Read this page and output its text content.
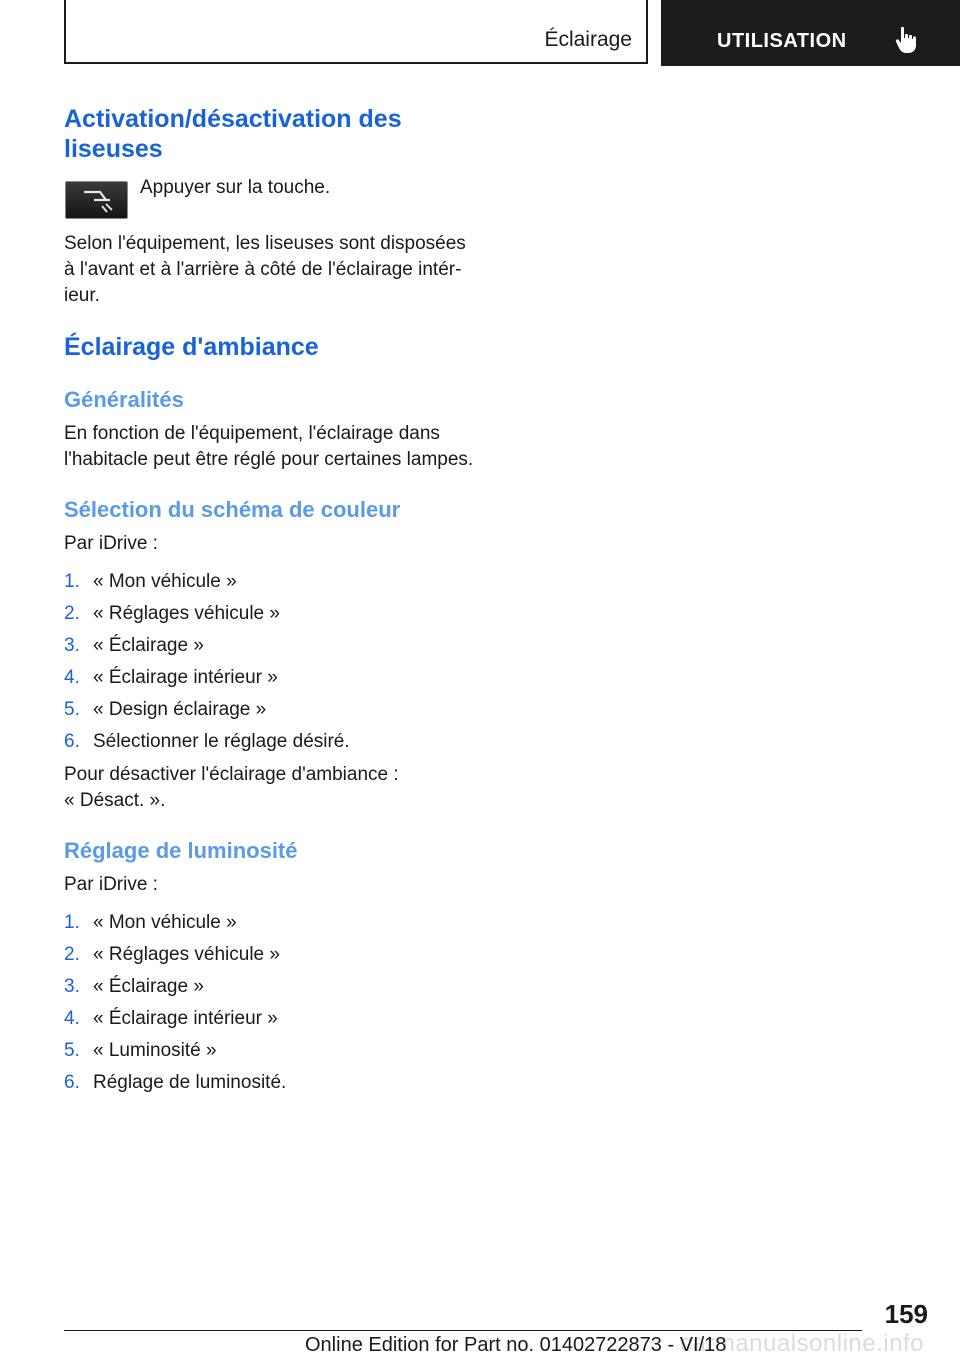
Éclairage	UTILISATION
Activation/désactivation des
liseuses
Appuyer sur la touche.

Selon l'équipement, les liseuses sont disposées

à l'avant et à l'arrière à côté de l'éclairage intér-

ieur.

Éclairage d'ambiance
Généralités

En fonction de l'équipement, l'éclairage dans

l'habitacle peut être réglé pour certaines lampes.

Sélection du schéma de couleur

Par iDrive :

1. « Mon véhicule »
2. « Réglages véhicule »
3. « Éclairage »
4. « Éclairage intérieur »
5. « Design éclairage »
6. Sélectionner le réglage désiré.

Pour désactiver l'éclairage d'ambiance :

« Désact. ».

Réglage de luminosité

Par iDrive :

1. « Mon véhicule »
2. « Réglages véhicule »
3. « Éclairage »
4. « Éclairage intérieur »
5. « Luminosité »
6. Réglage de luminosité.
159
carmanualsonline.info
Online Edition for Part no. 01402722873 - VI/18
